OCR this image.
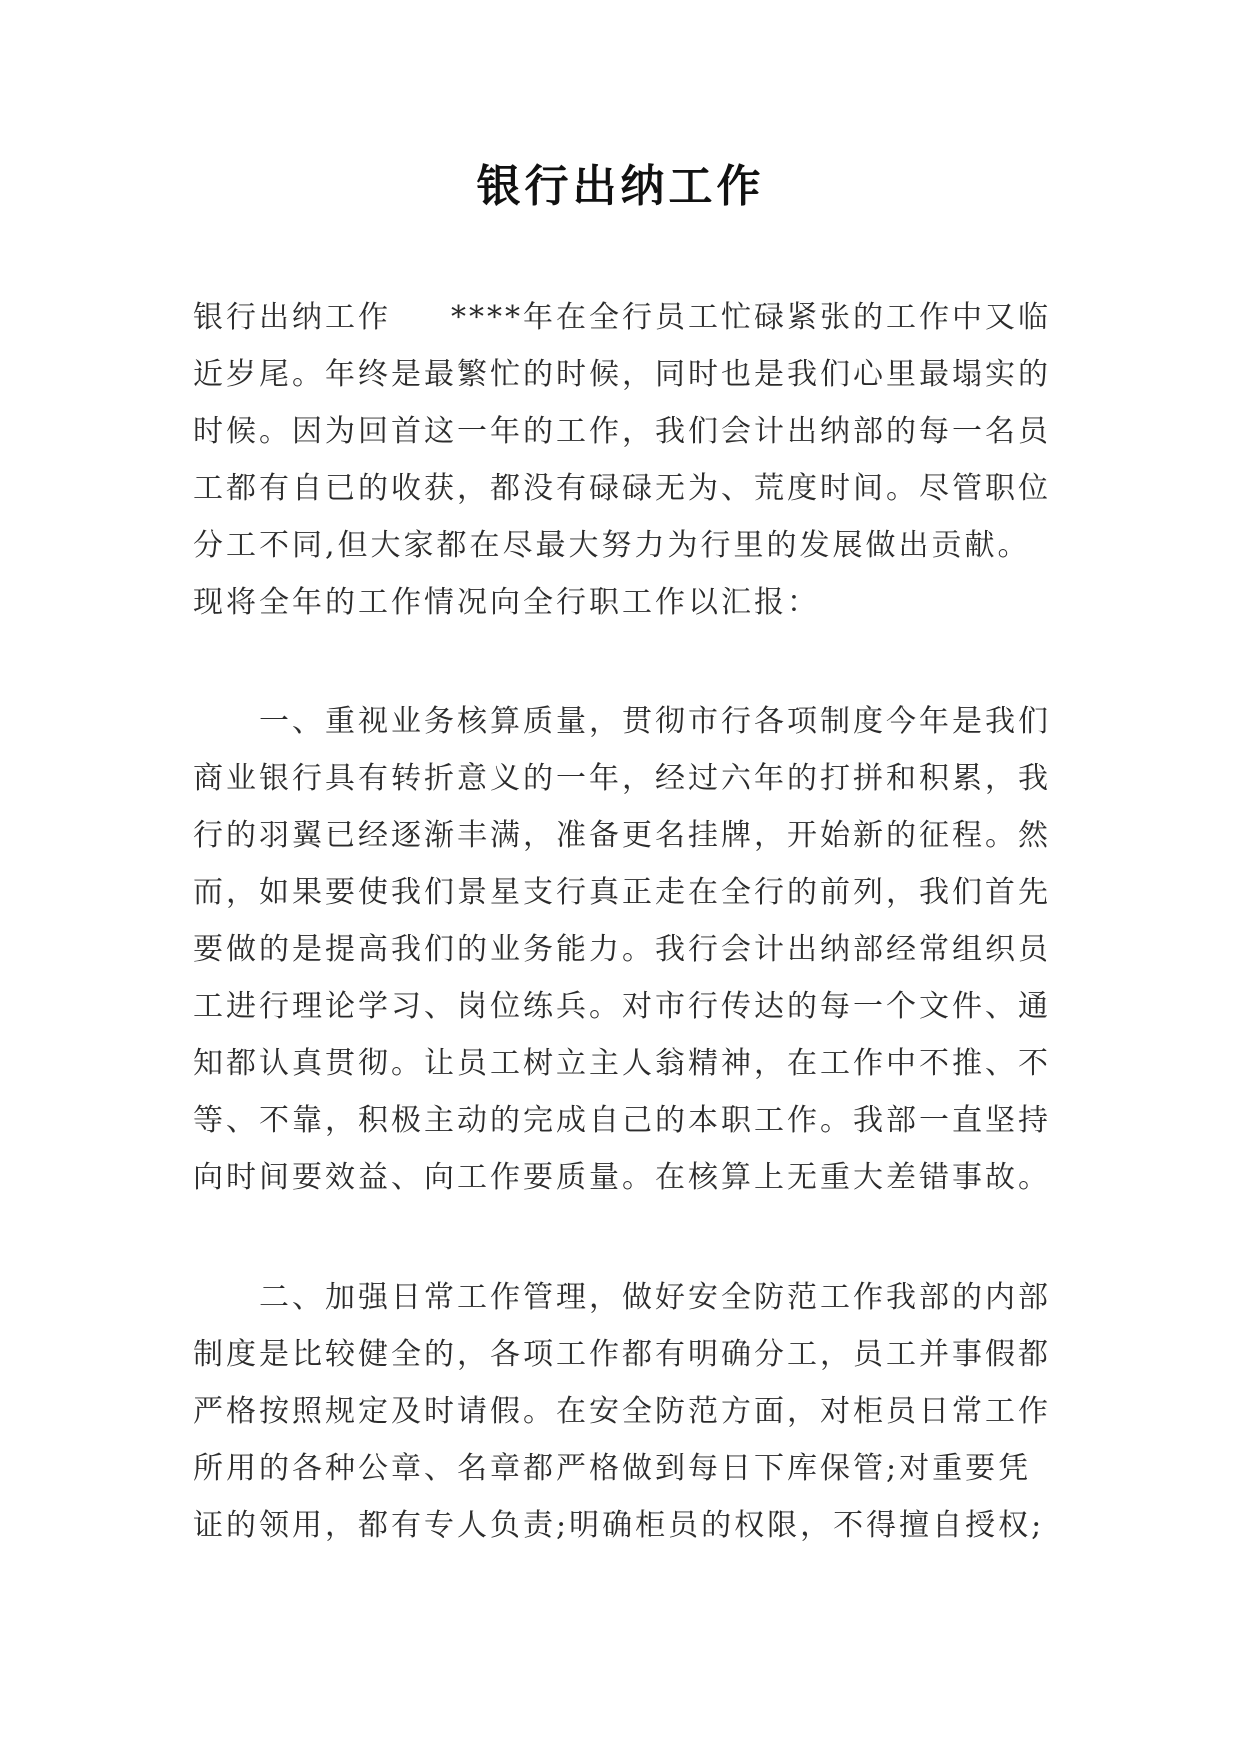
银行出纳工作

银行出纳工作 ****年在全行员工忙碌紧张的工作中又临近岁尾。年终是最繁忙的时候，同时也是我们心里最塌实的时候。因为回首这一年的工作，我们会计出纳部的每一名员工都有自已的收获，都没有碌碌无为、荒度时间。尽管职位分工不同,但大家都在尽最大努力为行里的发展做出贡献。现将全年的工作情况向全行职工作以汇报：

一、重视业务核算质量，贯彻市行各项制度今年是我们商业银行具有转折意义的一年，经过六年的打拼和积累，我行的羽翼已经逐渐丰满，准备更名挂牌，开始新的征程。然而，如果要使我们景星支行真正走在全行的前列，我们首先要做的是提高我们的业务能力。我行会计出纳部经常组织员工进行理论学习、岗位练兵。对市行传达的每一个文件、通知都认真贯彻。让员工树立主人翁精神，在工作中不推、不等、不靠，积极主动的完成自己的本职工作。我部一直坚持向时间要效益、向工作要质量。在核算上无重大差错事故。

二、加强日常工作管理，做好安全防范工作我部的内部制度是比较健全的，各项工作都有明确分工，员工并事假都严格按照规定及时请假。在安全防范方面，对柜员日常工作所用的各种公章、名章都严格做到每日下库保管;对重要凭证的领用，都有专人负责;明确柜员的权限，不得擅自授权;
